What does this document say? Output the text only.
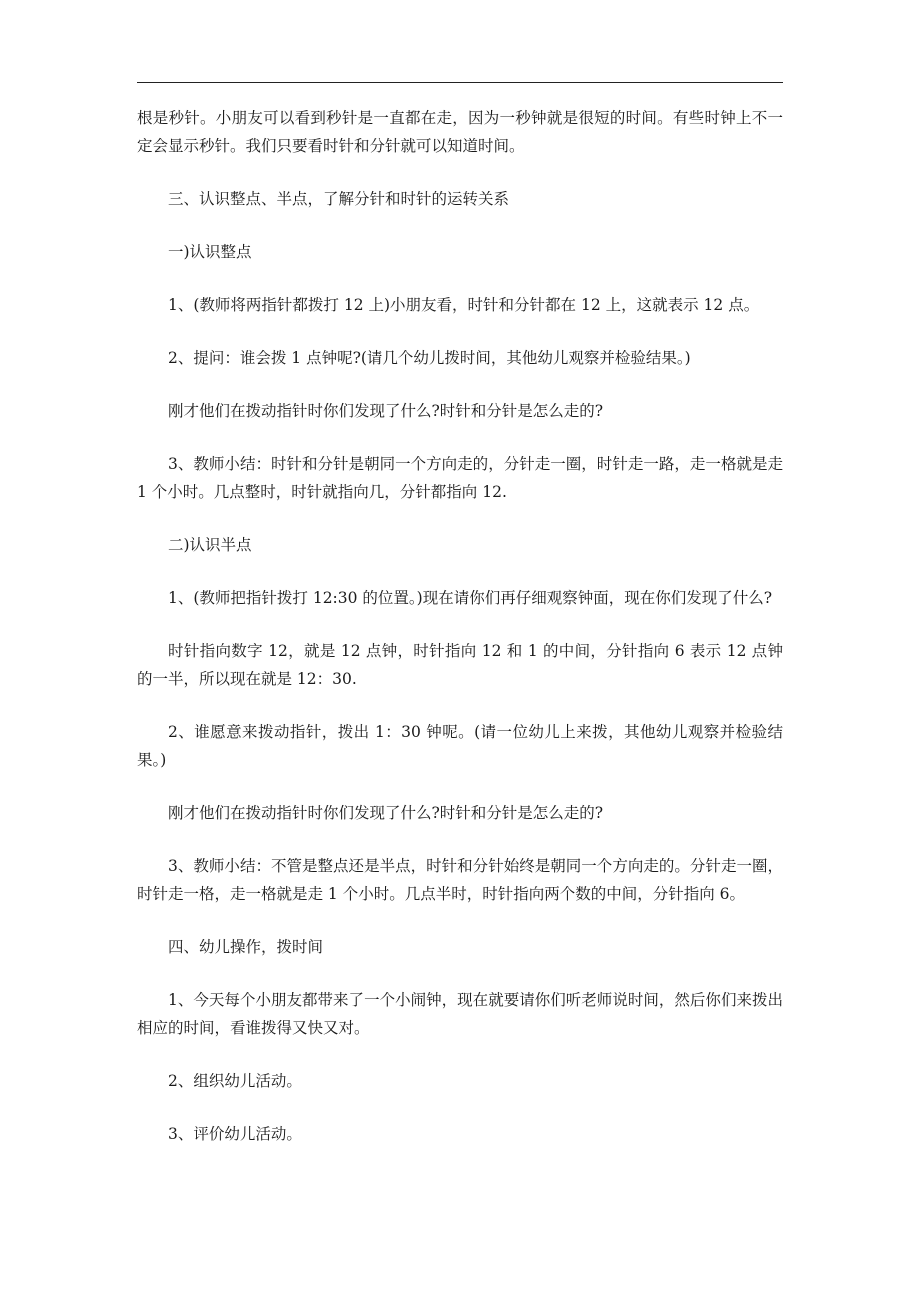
根是秒针。小朋友可以看到秒针是一直都在走，因为一秒钟就是很短的时间。有些时钟上不一定会显示秒针。我们只要看时针和分针就可以知道时间。

三、认识整点、半点，了解分针和时针的运转关系

一)认识整点

1、(教师将两指针都拨打 12 上)小朋友看，时针和分针都在 12 上，这就表示 12 点。

2、提问：谁会拨 1 点钟呢?(请几个幼儿拨时间，其他幼儿观察并检验结果。)

刚才他们在拨动指针时你们发现了什么?时针和分针是怎么走的?

3、教师小结：时针和分针是朝同一个方向走的，分针走一圈，时针走一路，走一格就是走 1 个小时。几点整时，时针就指向几，分针都指向 12.

二)认识半点

1、(教师把指针拨打 12:30 的位置。)现在请你们再仔细观察钟面，现在你们发现了什么?

时针指向数字 12，就是 12 点钟，时针指向 12 和 1 的中间，分针指向 6 表示 12 点钟的一半，所以现在就是 12：30.

2、谁愿意来拨动指针，拨出 1：30 钟呢。(请一位幼儿上来拨，其他幼儿观察并检验结果。)

刚才他们在拨动指针时你们发现了什么?时针和分针是怎么走的?

3、教师小结：不管是整点还是半点，时针和分针始终是朝同一个方向走的。分针走一圈，时针走一格，走一格就是走 1 个小时。几点半时，时针指向两个数的中间，分针指向 6。

四、幼儿操作，拨时间

1、今天每个小朋友都带来了一个小闹钟，现在就要请你们听老师说时间，然后你们来拨出相应的时间，看谁拨得又快又对。

2、组织幼儿活动。

3、评价幼儿活动。
